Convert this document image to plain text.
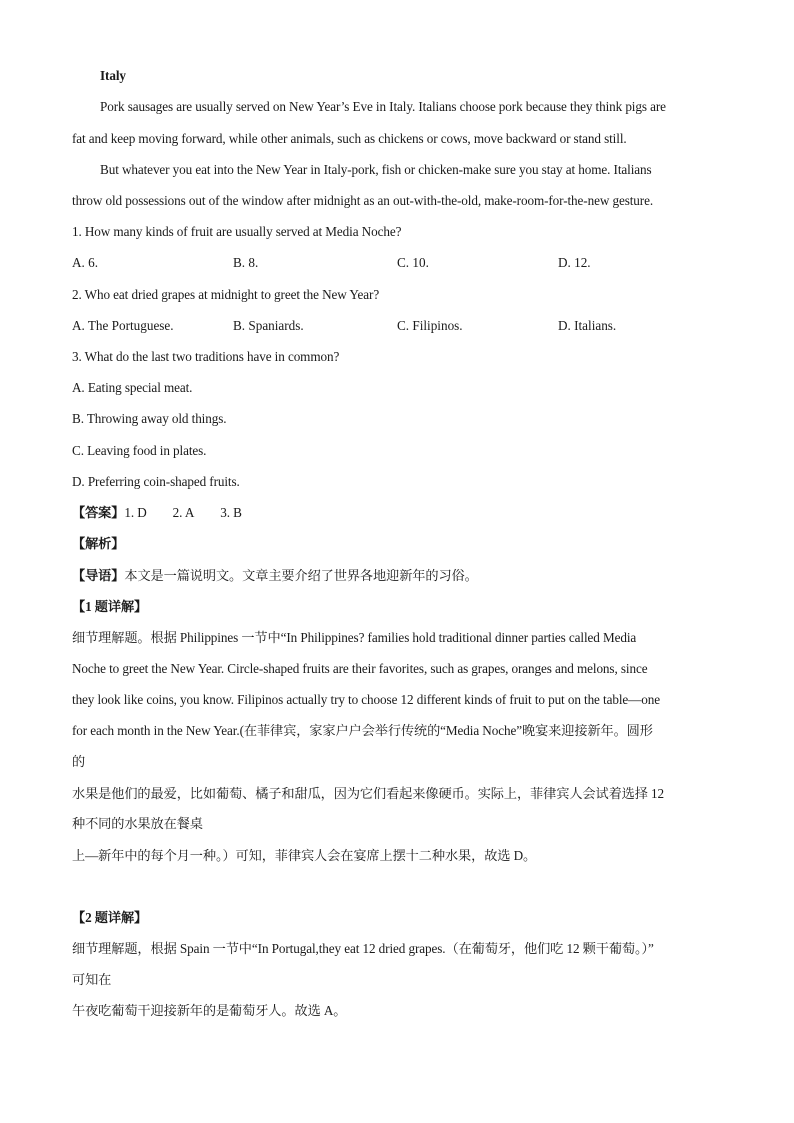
Italy
Pork sausages are usually served on New Year’s Eve in Italy. Italians choose pork because they think pigs are
fat and keep moving forward, while other animals, such as chickens or cows, move backward or stand still.
But whatever you eat into the New Year in Italy-pork, fish or chicken-make sure you stay at home. Italians
throw old possessions out of the window after midnight as an out-with-the-old, make-room-for-the-new gesture.
1. How many kinds of fruit are usually served at Media Noche?
A. 6.	B. 8.	C. 10.	D. 12.
2. Who eat dried grapes at midnight to greet the New Year?
A. The Portuguese.	B. Spaniards.	C. Filipinos.	D. Italians.
3. What do the last two traditions have in common?
A. Eating special meat.
B. Throwing away old things.
C. Leaving food in plates.
D. Preferring coin-shaped fruits.
【答案】1. D 2. A 3. B
【解析】
【导语】本文是一篇说明文。文章主要介绍了世界各地迎新年的习俗。
【1 题详解】
细节理解题。根据 Philippines 一节中“In Philippines? families hold traditional dinner parties called Media
Noche to greet the New Year. Circle-shaped fruits are their favorites, such as grapes, oranges and melons, since
they look like coins, you know. Filipinos actually try to choose 12 different kinds of fruit to put on the table—one
for each month in the New Year.(在菲律宾，家家户户会举行传统的“Media Noche”晚宴来迎接新年。圆形
的
水果是他们的最爱，比如葡萄、橘子和甜瓜，因为它们看起来像硬币。实际上，菲律宾人会试着选择 12
种不同的水果放在餐桌
上—新年中的每个月一种。）可知，菲律宾人会在宴席上摆十二种水果，故选 D。
【2 题详解】
细节理解题，根据 Spain 一节中“In Portugal,they eat 12 dried grapes.（在葡萄牙，他们吃 12 颗干葡萄。）”
可知在
午夜吃葡萄干迎接新年的是葡萄牙人。故选 A。
